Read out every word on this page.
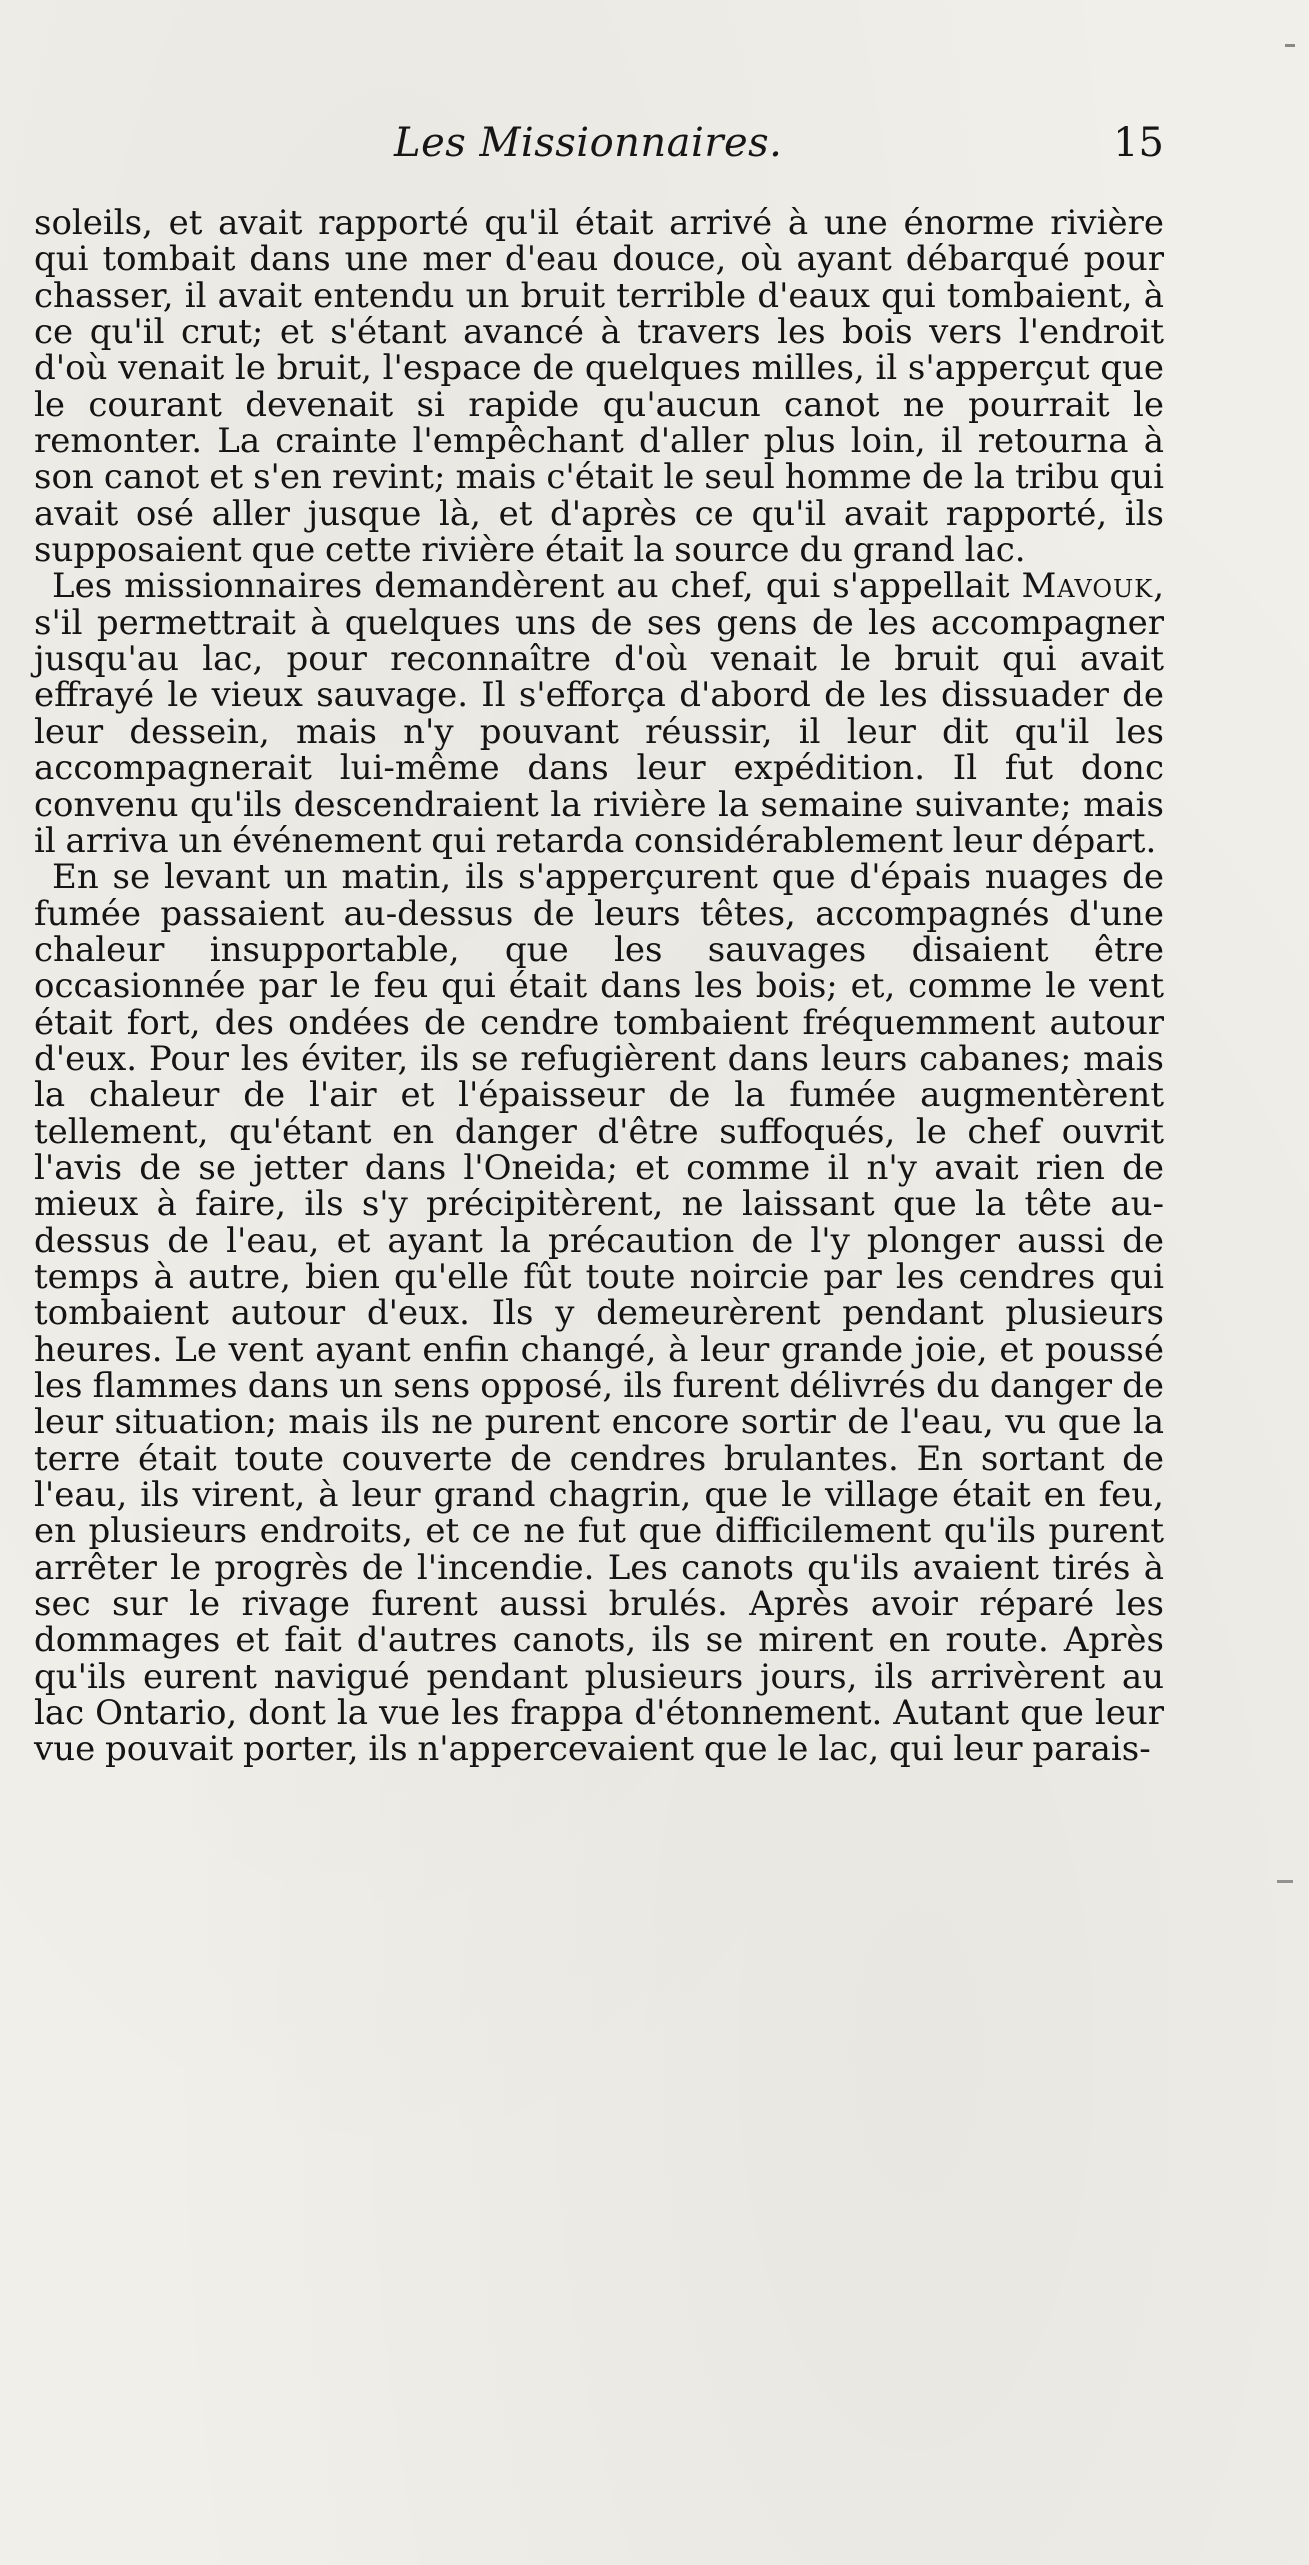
Les Missionnaires.	15

soleils, et avait rapporté qu'il était arrivé à une énorme rivière qui tombait dans une mer d'eau douce, où ayant débarqué pour chasser, il avait entendu un bruit terrible d'eaux qui tombaient, à ce qu'il crut; et s'étant avancé à travers les bois vers l'endroit d'où venait le bruit, l'espace de quelques milles, il s'apperçut que le courant devenait si rapide qu'aucun canot ne pourrait le remonter. La crainte l'empêchant d'aller plus loin, il retourna à son canot et s'en revint; mais c'était le seul homme de la tribu qui avait osé aller jusque là, et d'après ce qu'il avait rapporté, ils supposaient que cette rivière était la source du grand lac.

Les missionnaires demandèrent au chef, qui s'appellait Mavouk, s'il permettrait à quelques uns de ses gens de les accompagner jusqu'au lac, pour reconnaître d'où venait le bruit qui avait effrayé le vieux sauvage. Il s'efforça d'abord de les dissuader de leur dessein, mais n'y pouvant réussir, il leur dit qu'il les accompagnerait lui-même dans leur expédition. Il fut donc convenu qu'ils descendraient la rivière la semaine suivante; mais il arriva un événement qui retarda considérablement leur départ.

En se levant un matin, ils s'apperçurent que d'épais nuages de fumée passaient au-dessus de leurs têtes, accompagnés d'une chaleur insupportable, que les sauvages disaient être occasionnée par le feu qui était dans les bois; et, comme le vent était fort, des ondées de cendre tombaient fréquemment autour d'eux. Pour les éviter, ils se refugièrent dans leurs cabanes; mais la chaleur de l'air et l'épaisseur de la fumée augmentèrent tellement, qu'étant en danger d'être suffoqués, le chef ouvrit l'avis de se jetter dans l'Oneida; et comme il n'y avait rien de mieux à faire, ils s'y précipitèrent, ne laissant que la tête au-dessus de l'eau, et ayant la précaution de l'y plonger aussi de temps à autre, bien qu'elle fût toute noircie par les cendres qui tombaient autour d'eux. Ils y demeurèrent pendant plusieurs heures. Le vent ayant enfin changé, à leur grande joie, et poussé les flammes dans un sens opposé, ils furent délivrés du danger de leur situation; mais ils ne purent encore sortir de l'eau, vu que la terre était toute couverte de cendres brulantes. En sortant de l'eau, ils virent, à leur grand chagrin, que le village était en feu, en plusieurs endroits, et ce ne fut que difficilement qu'ils purent arrêter le progrès de l'incendie. Les canots qu'ils avaient tirés à sec sur le rivage furent aussi brulés. Après avoir réparé les dommages et fait d'autres canots, ils se mirent en route. Après qu'ils eurent navigué pendant plusieurs jours, ils arrivèrent au lac Ontario, dont la vue les frappa d'étonnement. Autant que leur vue pouvait porter, ils n'appercevaient que le lac, qui leur parais-
